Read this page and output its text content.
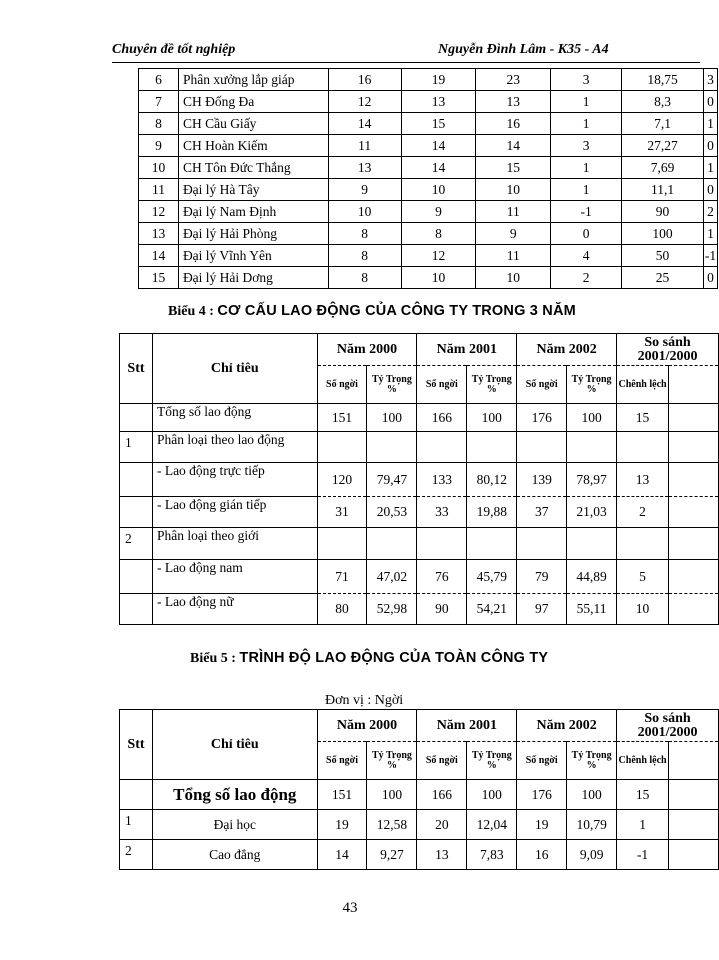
Chuyên đề tốt nghiệp	Nguyễn Đình Lâm - K35 - A4
6	Phân xưởng lắp giáp	16	19	23	3	18,75	3
7	CH Đống Đa	12	13	13	1	8,3	0
8	CH Cầu Giấy	14	15	16	1	7,1	1
9	CH Hoàn Kiếm	11	14	14	3	27,27	0
10	CH Tôn Đức Thắng	13	14	15	1	7,69	1
11	Đại lý Hà Tây	9	10	10	1	11,1	0
12	Đại lý Nam Định	10	9	11	-1	90	2
13	Đại lý Hải Phòng	8	8	9	0	100	1
14	Đại lý Vĩnh Yên	8	12	11	4	50	-1
15	Đại lý Hải Dơng	8	10	10	2	25	0
Biểu 4 : CƠ CẤU LAO ĐỘNG CỦA CÔNG TY TRONG 3 NĂM
Stt	Chỉ tiêu	Năm 2000		Năm 2001		Năm 2002		So sánh 2001/2000	
		Số ngời	Tỷ Trọng %	Số ngời	Tỷ Trọng %	Số ngời	Tỷ Trọng %	Chênh lệch	
	Tổng số lao động	151	100	166	100	176	100	15	
1	Phân loại theo lao động								
	- Lao động trực tiếp	120	79,47	133	80,12	139	78,97	13	
	- Lao động gián tiếp	31	20,53	33	19,88	37	21,03	2	
2	Phân loại theo giới								
	- Lao động nam	71	47,02	76	45,79	79	44,89	5	
	- Lao động nữ	80	52,98	90	54,21	97	55,11	10	
Biểu 5 : TRÌNH ĐỘ LAO ĐỘNG CỦA TOÀN CÔNG TY
Đơn vị : Ngời
Stt	Chỉ tiêu	Năm 2000		Năm 2001		Năm 2002		So sánh 2001/2000	
		Số ngời	Tỷ Trọng %	Số ngời	Tỷ Trọng %	Số ngời	Tỷ Trọng %	Chênh lệch	
	Tổng số lao động	151	100	166	100	176	100	15	
1	Đại học	19	12,58	20	12,04	19	10,79	1	
2	Cao đẳng	14	9,27	13	7,83	16	9,09	-1	
43
